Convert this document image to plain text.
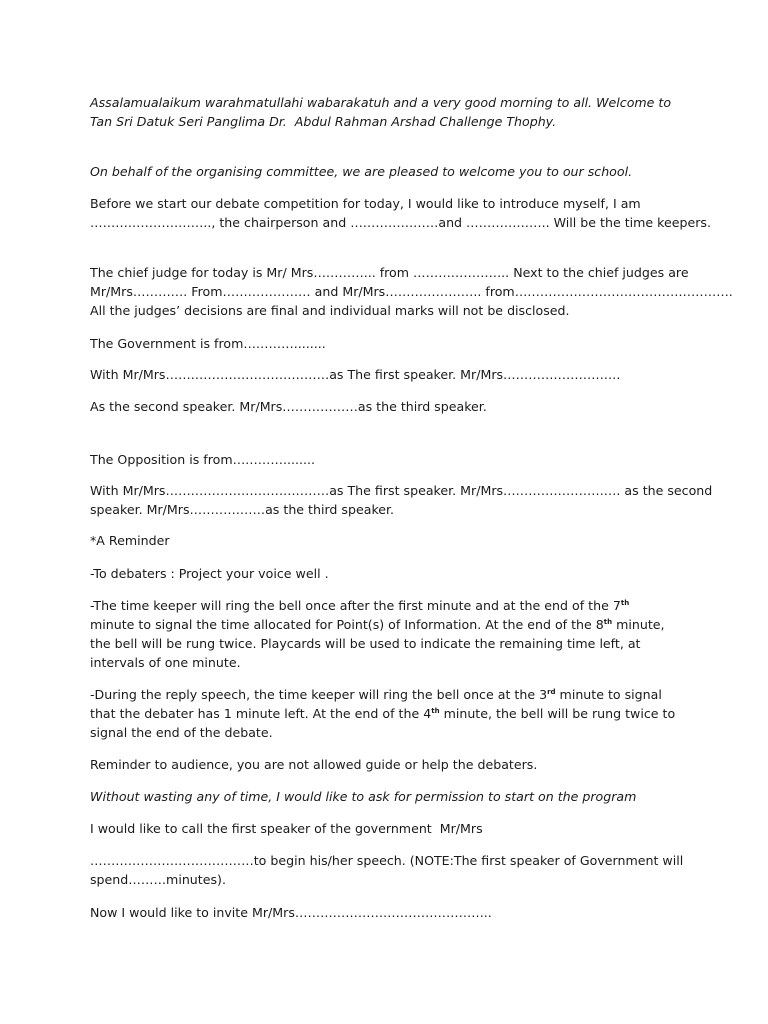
Assalamualaikum warahmatullahi wabarakatuh and a very good morning to all. Welcome to
Tan Sri Datuk Seri Panglima Dr.  Abdul Rahman Arshad Challenge Thophy.
On behalf of the organising committee, we are pleased to welcome you to our school.
Before we start our debate competition for today, I would like to introduce myself, I am
……………………….., the chairperson and …………………and ……………….. Will be the time keepers.
The chief judge for today is Mr/ Mrs…………... from ………………….. Next to the chief judges are
Mr/Mrs…………. From………………… and Mr/Mrs………………….. from…………………………………………….
All the judges’ decisions are final and individual marks will not be disclosed.
The Government is from…………........
With Mr/Mrs…………………………………as The first speaker. Mr/Mrs……………………….
As the second speaker. Mr/Mrs………………as the third speaker.
The Opposition is from…………........
With Mr/Mrs…………………………………as The first speaker. Mr/Mrs………………………. as the second
speaker. Mr/Mrs………………as the third speaker.
*A Reminder
-To debaters : Project your voice well .
-The time keeper will ring the bell once after the first minute and at the end of the 7th
minute to signal the time allocated for Point(s) of Information. At the end of the 8th minute,
the bell will be rung twice. Playcards will be used to indicate the remaining time left, at
intervals of one minute.
-During the reply speech, the time keeper will ring the bell once at the 3rd minute to signal
that the debater has 1 minute left. At the end of the 4th minute, the bell will be rung twice to
signal the end of the debate.
Reminder to audience, you are not allowed guide or help the debaters.
Without wasting any of time, I would like to ask for permission to start on the program
I would like to call the first speaker of the government  Mr/Mrs
…………………………………to begin his/her speech. (NOTE:The first speaker of Government will
spend………minutes).
Now I would like to invite Mr/Mrs………………………………………..
